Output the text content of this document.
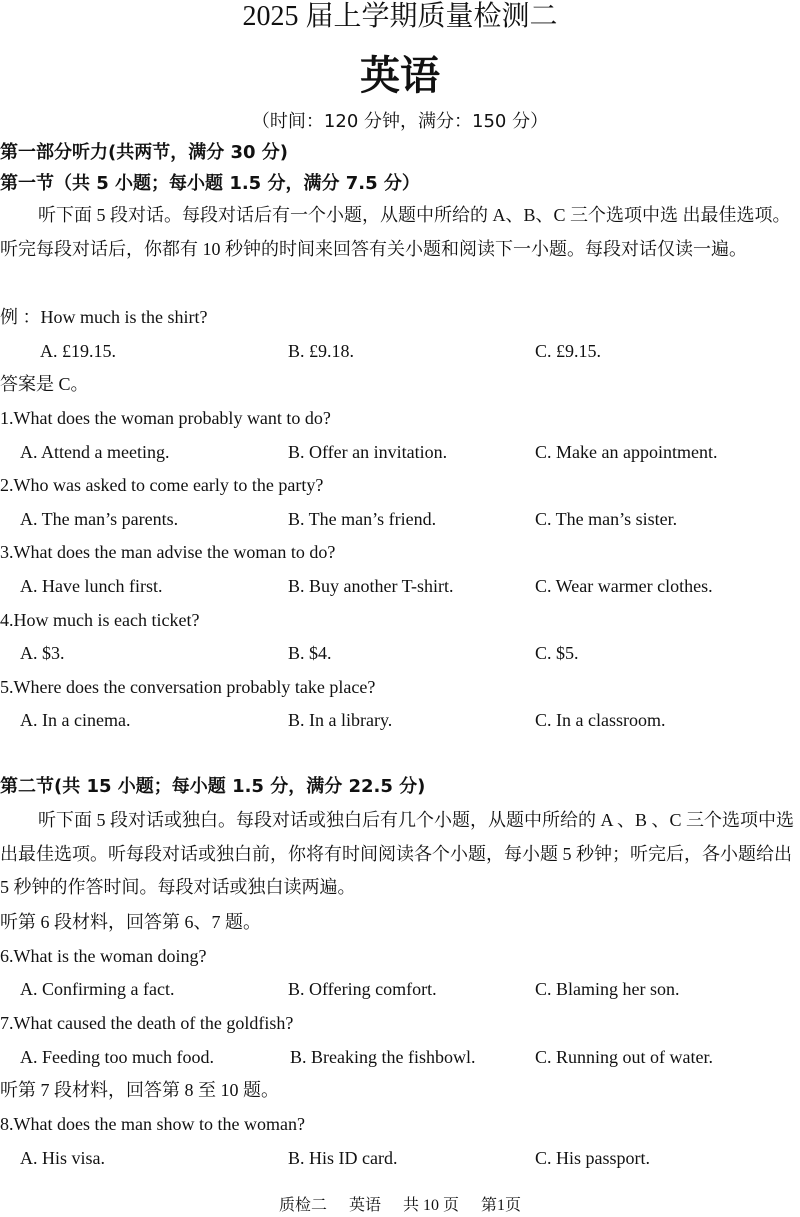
2025 届上学期质量检测二
英语
（时间：120 分钟，满分：150 分）
第一部分听力(共两节，满分 30 分)
第一节（共 5 小题；每小题 1.5 分，满分 7.5 分）
听下面 5 段对话。每段对话后有一个小题，从题中所给的 A、B、C 三个选项中选 出最佳选项。听完每段对话后，你都有 10 秒钟的时间来回答有关小题和阅读下一小题。每段对话仅读一遍。
例 ：How much is the shirt?
A. £19.15.	B. £9.18.	C. £9.15.
答案是 C。
1.What does the woman probably want to do?
A. Attend a meeting.	B. Offer an invitation.	C. Make an appointment.
2.Who was asked to come early to the party?
A. The man’s parents.	B. The man’s friend.	C. The man’s sister.
3.What does the man advise the woman to do?
A. Have lunch first.	B. Buy another T-shirt.	C. Wear warmer clothes.
4.How much is each ticket?
A. $3.	B. $4.	C. $5.
5.Where does the conversation probably take place?
A. In a cinema.	B. In a library.	C. In a classroom.
第二节(共 15 小题；每小题 1.5 分，满分 22.5 分)
听下面 5 段对话或独白。每段对话或独白后有几个小题，从题中所给的 A 、B 、C 三个选项中选出最佳选项。听每段对话或独白前，你将有时间阅读各个小题，每小题 5 秒钟；听完后，各小题给出 5 秒钟的作答时间。每段对话或独白读两遍。
听第 6 段材料，回答第 6、7 题。
6.What is the woman doing?
A. Confirming a fact.	B. Offering comfort.	C. Blaming her son.
7.What caused the death of the goldfish?
A. Feeding too much food.	B. Breaking the fishbowl.	C. Running out of water.
听第 7 段材料，回答第 8 至 10 题。
8.What does the man show to the woman?
A. His visa.	B. His ID card.	C. His passport.
质检二 英语 共 10 页 第1页
